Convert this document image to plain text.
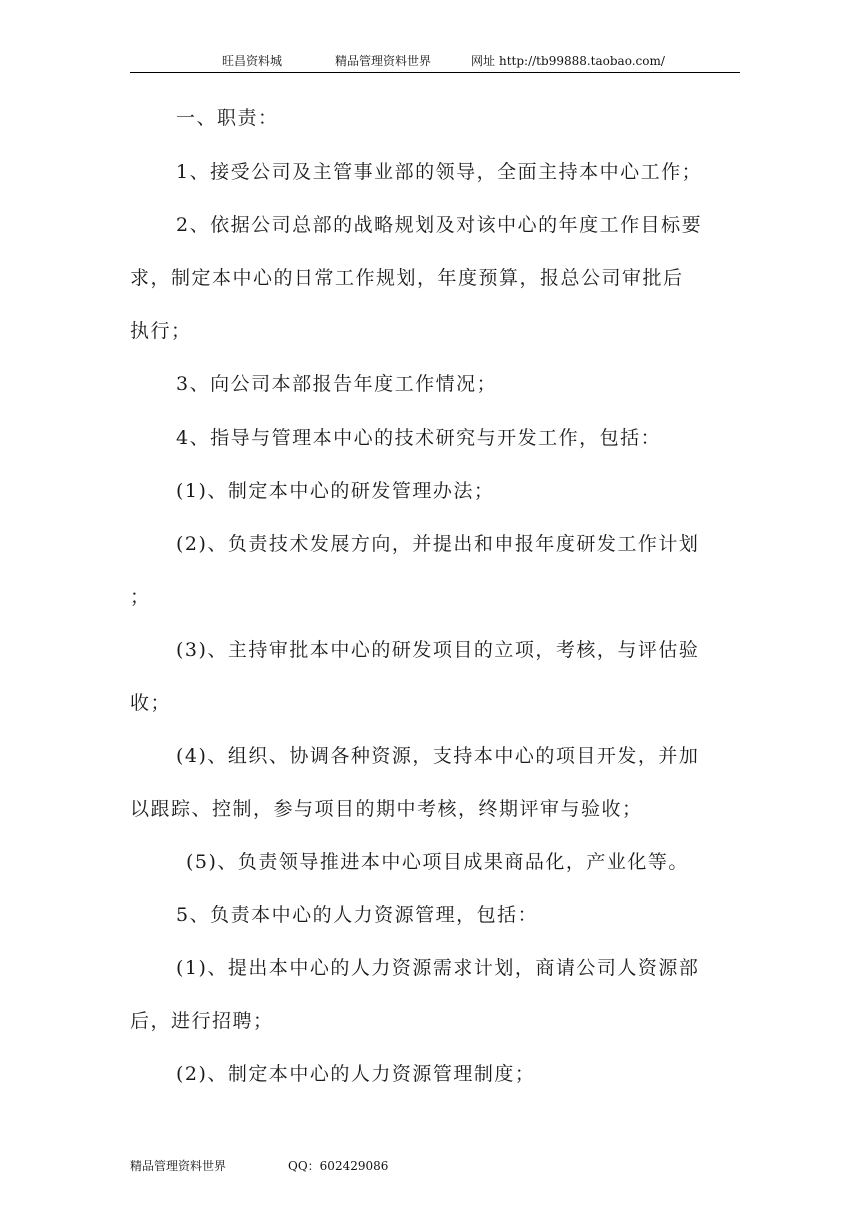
旺昌资料城	精品管理资料世界	网址 http://tb99888.taobao.com/
一、职责：
1、接受公司及主管事业部的领导，全面主持本中心工作；
2、依据公司总部的战略规划及对该中心的年度工作目标要
求，制定本中心的日常工作规划，年度预算，报总公司审批后
执行；
3、向公司本部报告年度工作情况；
4、指导与管理本中心的技术研究与开发工作，包括：
(1)、制定本中心的研发管理办法；
(2)、负责技术发展方向，并提出和申报年度研发工作计划
；
(3)、主持审批本中心的研发项目的立项，考核，与评估验
收；
(4)、组织、协调各种资源，支持本中心的项目开发，并加
以跟踪、控制，参与项目的期中考核，终期评审与验收；
(5)、负责领导推进本中心项目成果商品化，产业化等。
5、负责本中心的人力资源管理，包括：
(1)、提出本中心的人力资源需求计划，商请公司人资源部
后，进行招聘；
(2)、制定本中心的人力资源管理制度；
精品管理资料世界	QQ：602429086
